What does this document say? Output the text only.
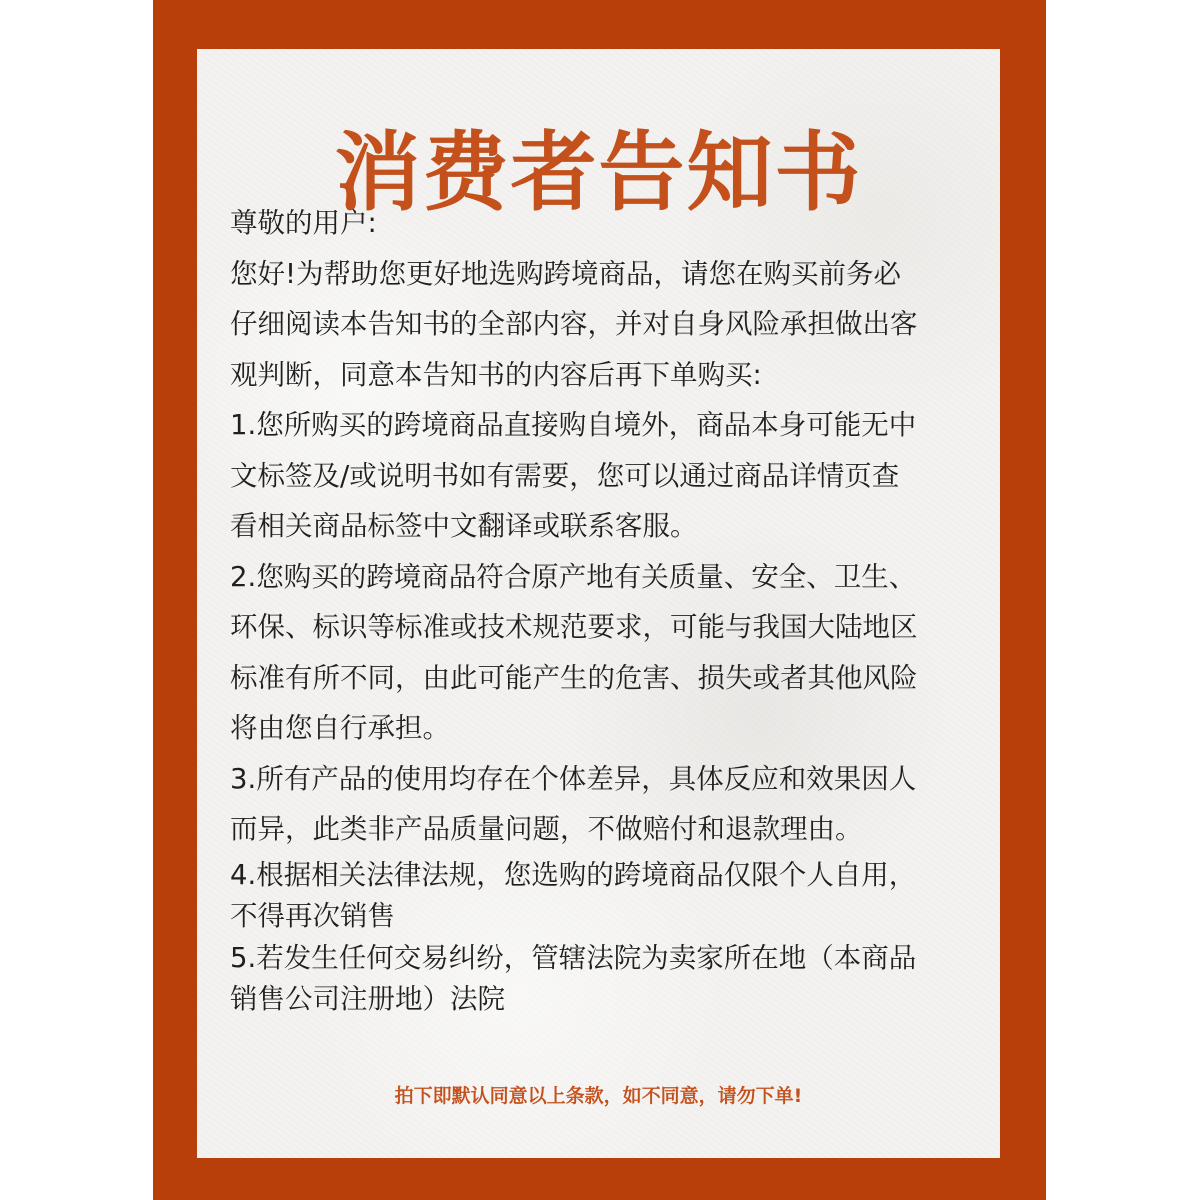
消费者告知书
尊敬的用户:
您好!为帮助您更好地选购跨境商品，请您在购买前务必
仔细阅读本告知书的全部内容，并对自身风险承担做出客
观判断，同意本告知书的内容后再下单购买:
1.您所购买的跨境商品直接购自境外，商品本身可能无中
文标签及/或说明书如有需要，您可以通过商品详情页查
看相关商品标签中文翻译或联系客服。
2.您购买的跨境商品符合原产地有关质量、安全、卫生、
环保、标识等标准或技术规范要求，可能与我国大陆地区
标准有所不同，由此可能产生的危害、损失或者其他风险
将由您自行承担。
3.所有产品的使用均存在个体差异，具体反应和效果因人
而异，此类非产品质量问题，不做赔付和退款理由。
4.根据相关法律法规，您选购的跨境商品仅限个人自用，
不得再次销售
5.若发生任何交易纠纷，管辖法院为卖家所在地（本商品
销售公司注册地）法院

拍下即默认同意以上条款，如不同意，请勿下单!
